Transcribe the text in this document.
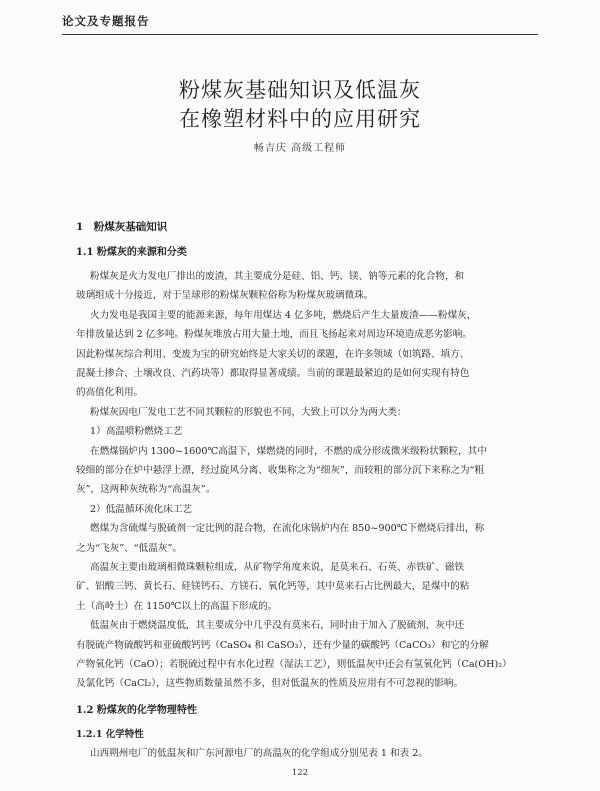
论文及专题报告
粉煤灰基础知识及低温灰
在橡塑材料中的应用研究
畅吉庆 高级工程师
1　粉煤灰基础知识
1.1 粉煤灰的来源和分类
粉煤灰是火力发电厂排出的废渣，其主要成分是硅、铝、钙、镁、钠等元素的化合物，和
玻璃组成十分接近，对于呈球形的粉煤灰颗粒俗称为粉煤灰玻璃微珠。
火力发电是我国主要的能源来源，每年用煤达 4 亿多吨，燃烧后产生大量废渣——粉煤灰，
年排放量达到 2 亿多吨。粉煤灰堆放占用大量土地，而且飞扬起来对周边环境造成恶劣影响。
因此粉煤灰综合利用、变废为宝的研究始终是大家关切的课题，在许多领域（如筑路、填方、
混凝土掺合、土壤改良、汽药块等）都取得显著成绩。当前的课题最紧迫的是如何实现有特色
的高值化利用。
粉煤灰因电厂发电工艺不同其颗粒的形貌也不同，大致上可以分为两大类：
1）高温喷粉燃烧工艺
在燃煤锅炉内 1300~1600℃高温下，煤燃烧的同时，不燃的成分形成微米级粉状颗粒，其中
较细的部分在炉中悬浮上漂，经过旋风分离、收集称之为“细灰”，而较粗的部分沉下来称之为“粗
灰”，这两种灰统称为“高温灰”。
2）低温循环流化床工艺
燃煤为含硫煤与脱硫剂一定比例的混合物，在流化床锅炉内在 850~900℃下燃烧后排出，称
之为“飞灰”、“低温灰”。
高温灰主要由玻璃相微珠颗粒组成，从矿物学角度来说，是莫来石、石英、赤铁矿、磁铁
矿、铝酸三钙、黄长石、硅镁钙石、方镁石、氧化钙等，其中莫来石占比例最大，是煤中的粘
土（高岭土）在 1150℃以上的高温下形成的。
低温灰由于燃烧温度低，其主要成分中几乎没有莫来石，同时由于加入了脱硫剂，灰中还
有脱硫产物硫酸钙和亚硫酸钙钙（CaSO₄ 和 CaSO₃），还有少量的碳酸钙（CaCO₃）和它的分解
产物氧化钙（CaO）；若脱硫过程中有水化过程（湿法工艺），则低温灰中还会有氢氧化钙（Ca(OH)₂）
及氯化钙（CaCl₂），这些物质数量虽然不多，但对低温灰的性质及应用有不可忽视的影响。
1.2 粉煤灰的化学物理特性
1.2.1 化学特性
山西朔州电厂的低温灰和广东河源电厂的高温灰的化学组成分别见表 1 和表 2。
122
